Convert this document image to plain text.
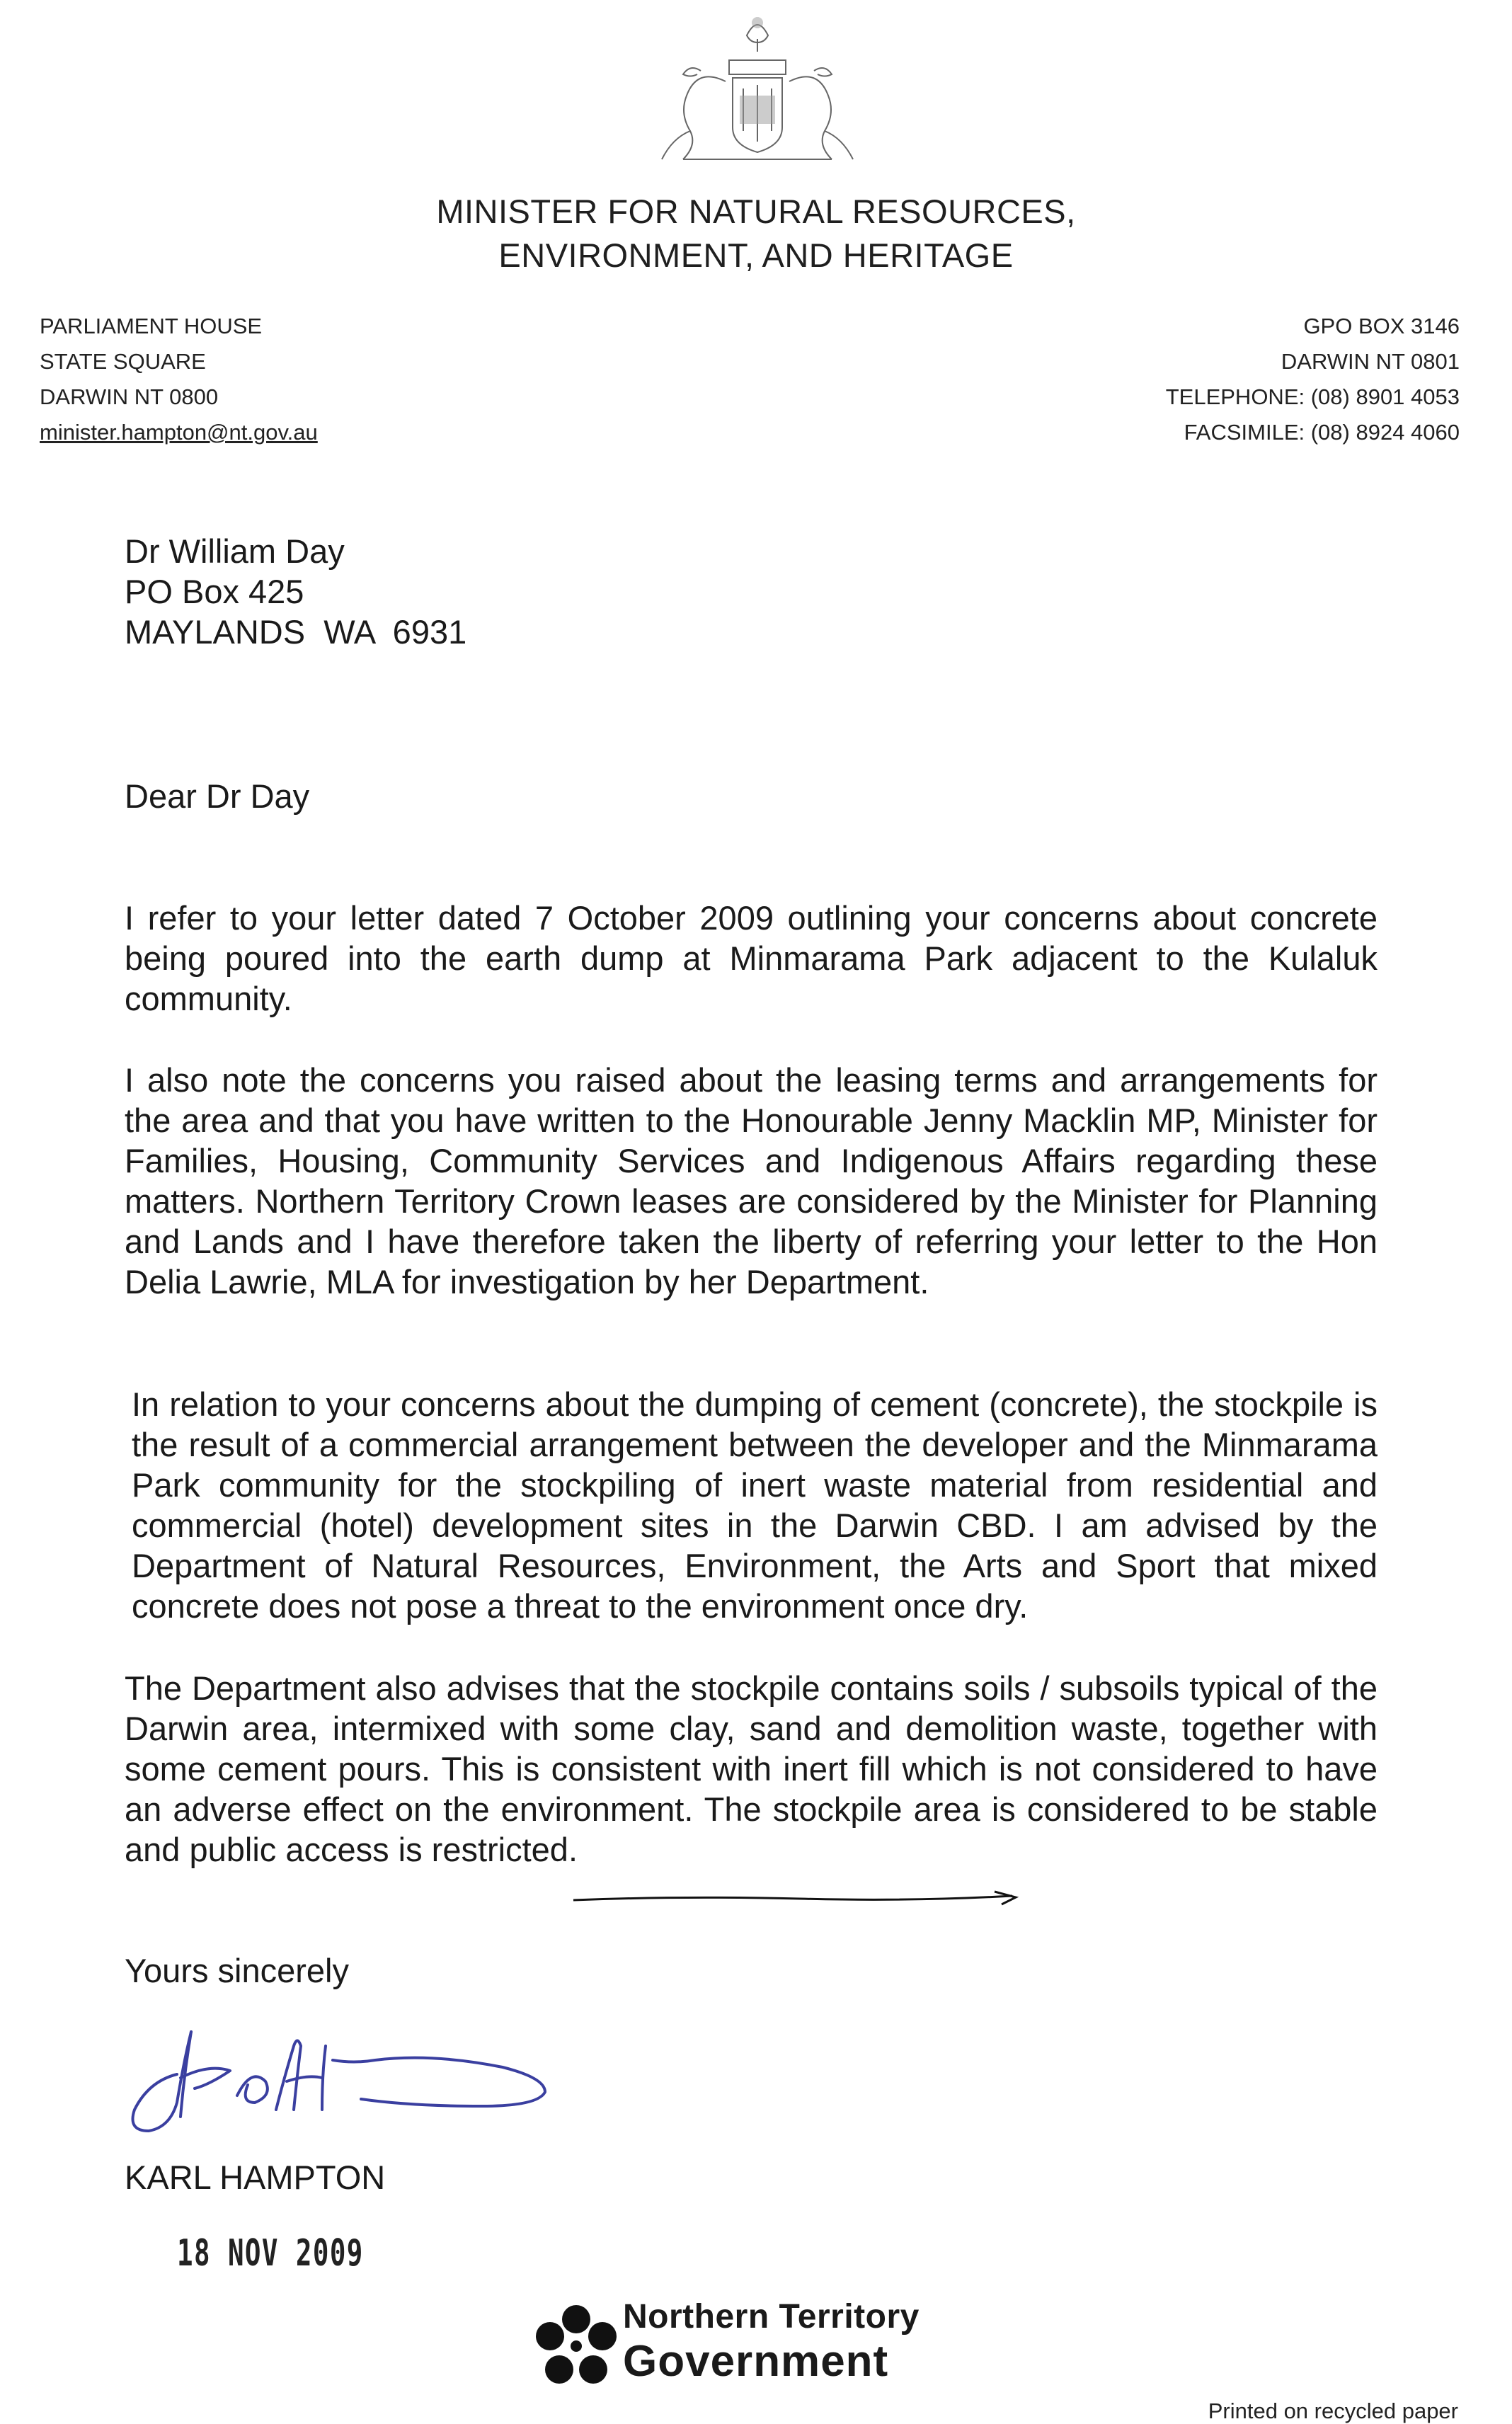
MINISTER FOR NATURAL RESOURCES,
ENVIRONMENT, AND HERITAGE
PARLIAMENT HOUSE
STATE SQUARE
DARWIN NT 0800
minister.hampton@nt.gov.au
GPO BOX 3146
DARWIN NT 0801
TELEPHONE: (08) 8901 4053
FACSIMILE: (08) 8924 4060
Dr William Day
PO Box 425
MAYLANDS  WA  6931
Dear Dr Day

I refer to your letter dated 7 October 2009 outlining your concerns about concrete being poured into the earth dump at Minmarama Park adjacent to the Kulaluk community.

I also note the concerns you raised about the leasing terms and arrangements for the area and that you have written to the Honourable Jenny Macklin MP, Minister for Families, Housing, Community Services and Indigenous Affairs regarding these matters. Northern Territory Crown leases are considered by the Minister for Planning and Lands and I have therefore taken the liberty of referring your letter to the Hon Delia Lawrie, MLA for investigation by her Department.

In relation to your concerns about the dumping of cement (concrete), the stockpile is the result of a commercial arrangement between the developer and the Minmarama Park community for the stockpiling of inert waste material from residential and commercial (hotel) development sites in the Darwin CBD. I am advised by the Department of Natural Resources, Environment, the Arts and Sport that mixed concrete does not pose a threat to the environment once dry.

The Department also advises that the stockpile contains soils / subsoils typical of the Darwin area, intermixed with some clay, sand and demolition waste, together with some cement pours. This is consistent with inert fill which is not considered to have an adverse effect on the environment. The stockpile area is considered to be stable and public access is restricted.

Yours sincerely
KARL HAMPTON
18 NOV 2009
Northern Territory
Government
Printed on recycled paper
